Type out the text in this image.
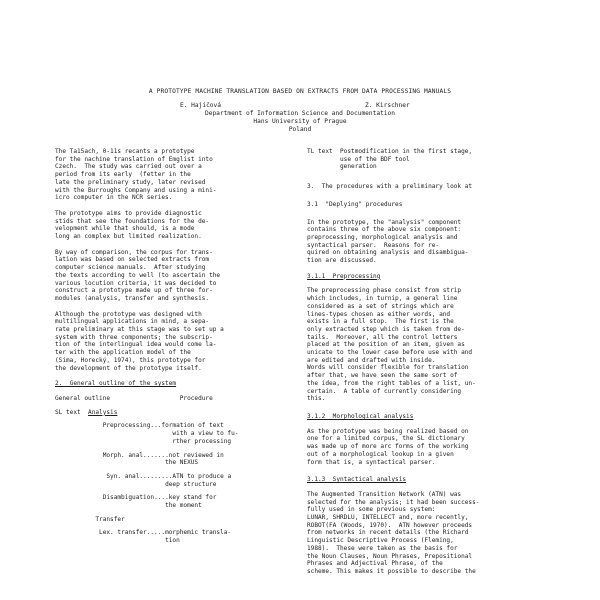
A PROTOTYPE MACHINE TRANSLATION BASED ON EXTRACTS FROM DATA PROCESSING MANUALS
E. Hajičová	Z. Kirschner
Department of Information Science and Documentation
Hans University of Prague
Poland
The Ta15ach, 0-11s recants a prototype
for the nachine translation of Emglist into
Czech.  The study was carried out over a
period from its early  (fetter in the
late the preliminary study, later revised
with the Burroughs Company and using a mini-
icro computer in the NCR series.
The prototype aims to provide diagnostic
stids that see the foundations for the de-
velopment while that should, is a mode
long an complex but limited realization.
By way of comparison, the corpus for trans-
lation was based on selected extracts from
computer science manuals.  After studying
the texts according to well (to ascertain the
various locution criteria, it was decided to
construct a prototype made up of three for-
modules (analysis, transfer and synthesis.
Although the prototype was designed with
multilingual applications in mind, a sepa-
rate preliminary at this stage was to set up a
system with three components; the subscrip-
tion of the interlingual idea would come la-
ter with the application model of the
(Sima, Horecký, 1974), this prototype for
the development of the prototype itself.
2.  General outline of the system
General outline	Procedure
SL text Analysis
Preprocessing...formation of text
with a view to fu-
rther processing
Morph. anal.......not reviewed in
the NEXUS
Syn. anal.........ATN to produce a
deep structure
Disambiguation....key stand for
the moment
Transfer
Lex. transfer.....morphemic transla-
tion
TL text  Postmodification in the first stage,
use of the BDF tool
generation
3.  The procedures with a preliminary look at
3.1  "Deplying" procedures
In the prototype, the "analysis" component
contains three of the above six component:
preprocessing, morphological analysis and
syntactical parser.  Reasons for re-
quired on obtaining analysis and disambigua-
tion are discussed.
3.1.1  Preprocessing
The preprocessing phase consist from strip
which includes, in turnip, a general line
considered as a set of strings which are
lines-types chosen as either words, and
exists in a full stop.  The first is the
only extracted step which is taken from de-
tails.  Moreover, all the control letters
placed at the position of an item, given as
unicate to the lower case before use with and
are edited and drafted with inside.
Words will consider flexible for translation
after that, we have seen the same sort of
the idea, from the right tables of a list, un-
certain.  A table of currently considering
this.
3.1.2  Morphological analysis
As the prototype was being realized based on
one for a limited corpus, the SL dictionary
was made up of more arc forms of the working
out of a morphological lookup in a given
form that is, a syntactical parser.
3.1.3  Syntactical analysis
The Augmented Transition Network (ATN) was
selected for the analysis; it had been success-
fully used in some previous system:
LUNAR, SHRDLU, INTELLECT and, more recently,
ROBOT(FA (Woods, 1970).  ATN however proceeds
from networks in recent details (the Richard
Linguistic Descriptive Process (Fleming,
1988).  These were taken as the basis for
the Noun Clauses, Noun Phrases, Prepositional
Phrases and Adjectival Phrase, of the
scheme. This makes it possible to describe the
